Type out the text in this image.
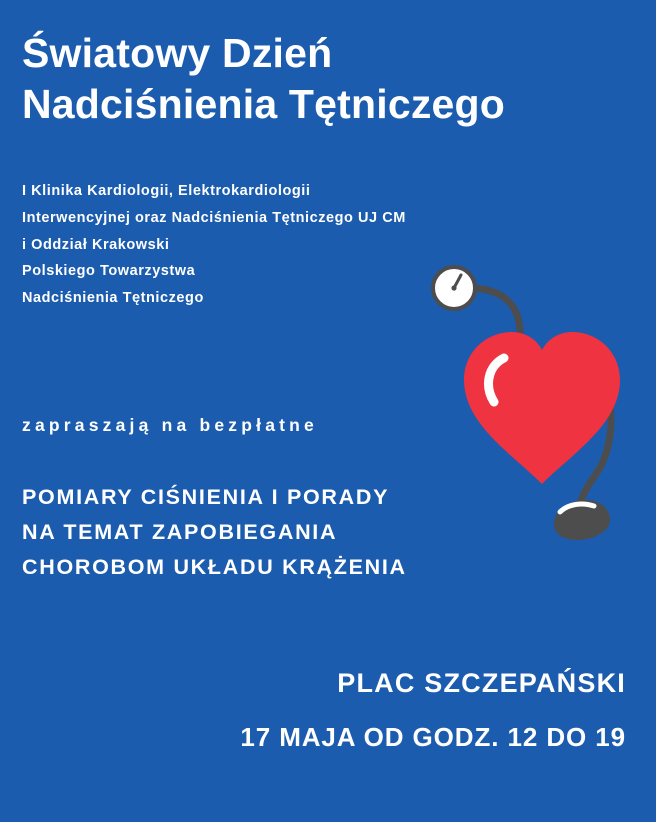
Światowy Dzień
Nadciśnienia Tętniczego
I Klinika Kardiologii, Elektrokardiologii
Interwencyjnej oraz Nadciśnienia Tętniczego UJ CM
i Oddział Krakowski
Polskiego Towarzystwa
Nadciśnienia Tętniczego
zapraszają na bezpłatne
POMIARY CIŚNIENIA I PORADY
NA TEMAT ZAPOBIEGANIA
CHOROBOM UKŁADU KRĄŻENIA
PLAC SZCZEPAŃSKI
17 MAJA OD GODZ. 12 DO 19
